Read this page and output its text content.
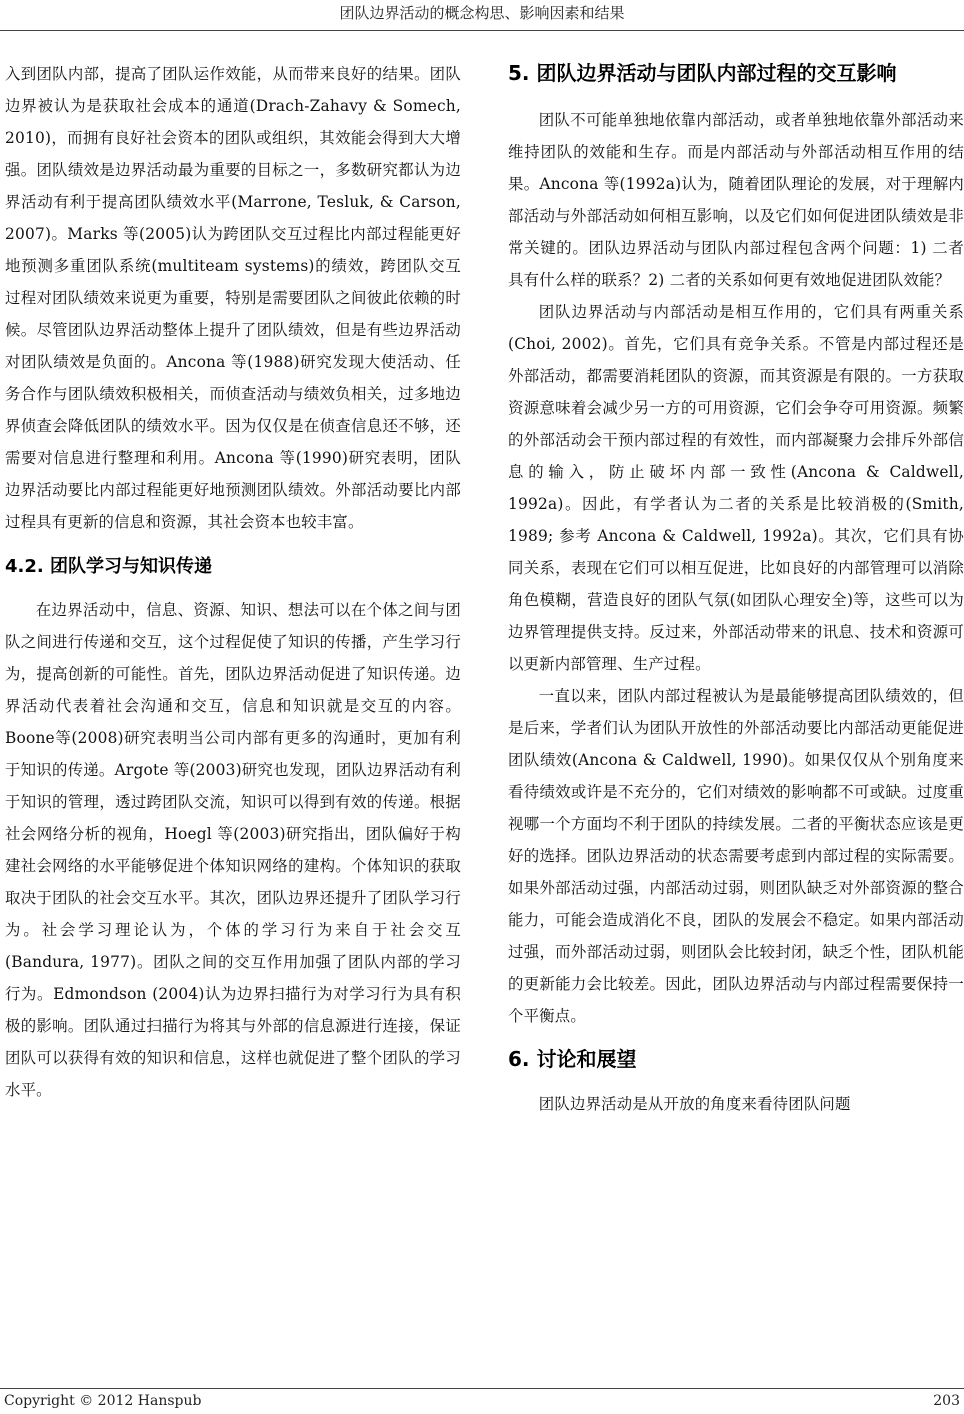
团队边界活动的概念构思、影响因素和结果

入到团队内部，提高了团队运作效能，从而带来良好的结果。团队边界被认为是获取社会成本的通道(Drach-Zahavy & Somech, 2010)，而拥有良好社会资本的团队或组织，其效能会得到大大增强。团队绩效是边界活动最为重要的目标之一，多数研究都认为边界活动有利于提高团队绩效水平(Marrone, Tesluk, & Carson, 2007)。Marks 等(2005)认为跨团队交互过程比内部过程能更好地预测多重团队系统(multiteam systems)的绩效，跨团队交互过程对团队绩效来说更为重要，特别是需要团队之间彼此依赖的时候。尽管团队边界活动整体上提升了团队绩效，但是有些边界活动对团队绩效是负面的。Ancona 等(1988)研究发现大使活动、任务合作与团队绩效积极相关，而侦查活动与绩效负相关，过多地边界侦查会降低团队的绩效水平。因为仅仅是在侦查信息还不够，还需要对信息进行整理和利用。Ancona 等(1990)研究表明，团队边界活动要比内部过程能更好地预测团队绩效。外部活动要比内部过程具有更新的信息和资源，其社会资本也较丰富。

4.2. 团队学习与知识传递

在边界活动中，信息、资源、知识、想法可以在个体之间与团队之间进行传递和交互，这个过程促使了知识的传播，产生学习行为，提高创新的可能性。首先，团队边界活动促进了知识传递。边界活动代表着社会沟通和交互，信息和知识就是交互的内容。Boone等(2008)研究表明当公司内部有更多的沟通时，更加有利于知识的传递。Argote 等(2003)研究也发现，团队边界活动有利于知识的管理，透过跨团队交流，知识可以得到有效的传递。根据社会网络分析的视角，Hoegl 等(2003)研究指出，团队偏好于构建社会网络的水平能够促进个体知识网络的建构。个体知识的获取取决于团队的社会交互水平。其次，团队边界还提升了团队学习行为。社会学习理论认为，个体的学习行为来自于社会交互(Bandura, 1977)。团队之间的交互作用加强了团队内部的学习行为。Edmondson (2004)认为边界扫描行为对学习行为具有积极的影响。团队通过扫描行为将其与外部的信息源进行连接，保证团队可以获得有效的知识和信息，这样也就促进了整个团队的学习水平。

5. 团队边界活动与团队内部过程的交互影响

团队不可能单独地依靠内部活动，或者单独地依靠外部活动来维持团队的效能和生存。而是内部活动与外部活动相互作用的结果。Ancona 等(1992a)认为，随着团队理论的发展，对于理解内部活动与外部活动如何相互影响，以及它们如何促进团队绩效是非常关键的。团队边界活动与团队内部过程包含两个问题：1) 二者具有什么样的联系？2) 二者的关系如何更有效地促进团队效能？

团队边界活动与内部活动是相互作用的，它们具有两重关系(Choi, 2002)。首先，它们具有竞争关系。不管是内部过程还是外部活动，都需要消耗团队的资源，而其资源是有限的。一方获取资源意味着会减少另一方的可用资源，它们会争夺可用资源。频繁的外部活动会干预内部过程的有效性，而内部凝聚力会排斥外部信息的输入，防止破坏内部一致性(Ancona & Caldwell, 1992a)。因此，有学者认为二者的关系是比较消极的(Smith, 1989; 参考 Ancona & Caldwell, 1992a)。其次，它们具有协同关系，表现在它们可以相互促进，比如良好的内部管理可以消除角色模糊，营造良好的团队气氛(如团队心理安全)等，这些可以为边界管理提供支持。反过来，外部活动带来的讯息、技术和资源可以更新内部管理、生产过程。

一直以来，团队内部过程被认为是最能够提高团队绩效的，但是后来，学者们认为团队开放性的外部活动要比内部活动更能促进团队绩效(Ancona & Caldwell, 1990)。如果仅仅从个别角度来看待绩效或许是不充分的，它们对绩效的影响都不可或缺。过度重视哪一个方面均不利于团队的持续发展。二者的平衡状态应该是更好的选择。团队边界活动的状态需要考虑到内部过程的实际需要。如果外部活动过强，内部活动过弱，则团队缺乏对外部资源的整合能力，可能会造成消化不良，团队的发展会不稳定。如果内部活动过强，而外部活动过弱，则团队会比较封闭，缺乏个性，团队机能的更新能力会比较差。因此，团队边界活动与内部过程需要保持一个平衡点。

6. 讨论和展望

团队边界活动是从开放的角度来看待团队问题

Copyright © 2012 Hanspub	203
